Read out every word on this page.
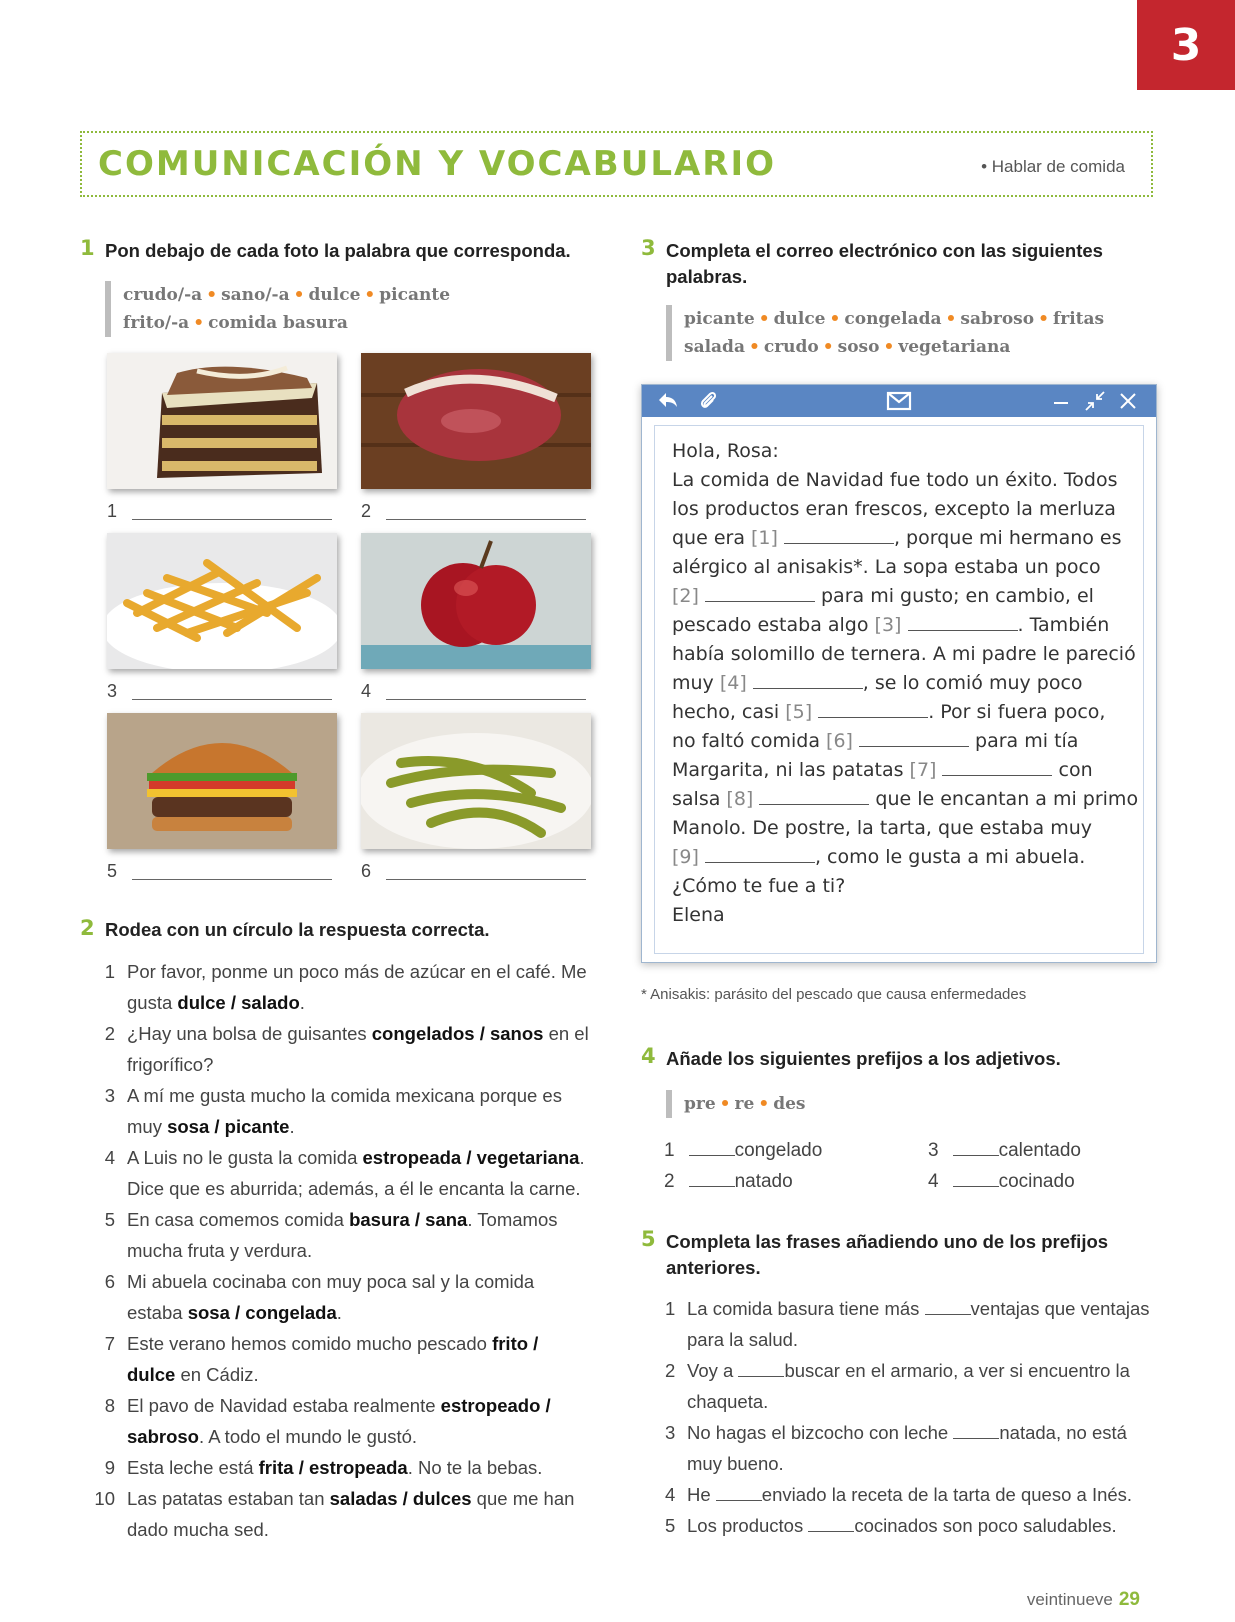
3
COMUNICACIÓN Y VOCABULARIO	• Hablar de comida
1 Pon debajo de cada foto la palabra que corresponda.
crudo/-a • sano/-a • dulce • picante
frito/-a • comida basura
1	2
3	4
5	6
2 Rodea con un círculo la respuesta correcta.
1 Por favor, ponme un poco más de azúcar en el café. Me
gusta dulce / salado.
2 ¿Hay una bolsa de guisantes congelados / sanos en el
frigorífico?
3 A mí me gusta mucho la comida mexicana porque es
muy sosa / picante.
4 A Luis no le gusta la comida estropeada / vegetariana.
Dice que es aburrida; además, a él le encanta la carne.
5 En casa comemos comida basura / sana. Tomamos
mucha fruta y verdura.
6 Mi abuela cocinaba con muy poca sal y la comida
estaba sosa / congelada.
7 Este verano hemos comido mucho pescado frito /
dulce en Cádiz.
8 El pavo de Navidad estaba realmente estropeado /
sabroso. A todo el mundo le gustó.
9 Esta leche está frita / estropeada. No te la bebas.
10 Las patatas estaban tan saladas / dulces que me han
dado mucha sed.
3 Completa el correo electrónico con las siguientes
palabras.
picante • dulce • congelada • sabroso • fritas
salada • crudo • soso • vegetariana
Hola, Rosa:
La comida de Navidad fue todo un éxito. Todos
los productos eran frescos, excepto la merluza
que era [1]	, porque mi hermano es
alérgico al anisakis*. La sopa estaba un poco
[2]	para mi gusto; en cambio, el
pescado estaba algo [3]	. También
había solomillo de ternera. A mi padre le pareció
muy [4]	, se lo comió muy poco
hecho, casi [5]	. Por si fuera poco,
no faltó comida [6]	para mi tía
Margarita, ni las patatas [7]	con
salsa [8]	que le encantan a mi primo
Manolo. De postre, la tarta, que estaba muy
[9]	, como le gusta a mi abuela.
¿Cómo te fue a ti?
Elena
* Anisakis: parásito del pescado que causa enfermedades
4 Añade los siguientes prefijos a los adjetivos.
pre • re • des
1	congelado
2	natado
3	calentado
4	cocinado
5 Completa las frases añadiendo uno de los prefijos
anteriores.
1 La comida basura tiene más ventajas que ventajas
para la salud.
2 Voy a buscar en el armario, a ver si encuentro la
chaqueta.
3 No hagas el bizcocho con leche natada, no está
muy bueno.
4 He enviado la receta de la tarta de queso a Inés.
5 Los productos cocinados son poco saludables.
veintinueve 29
